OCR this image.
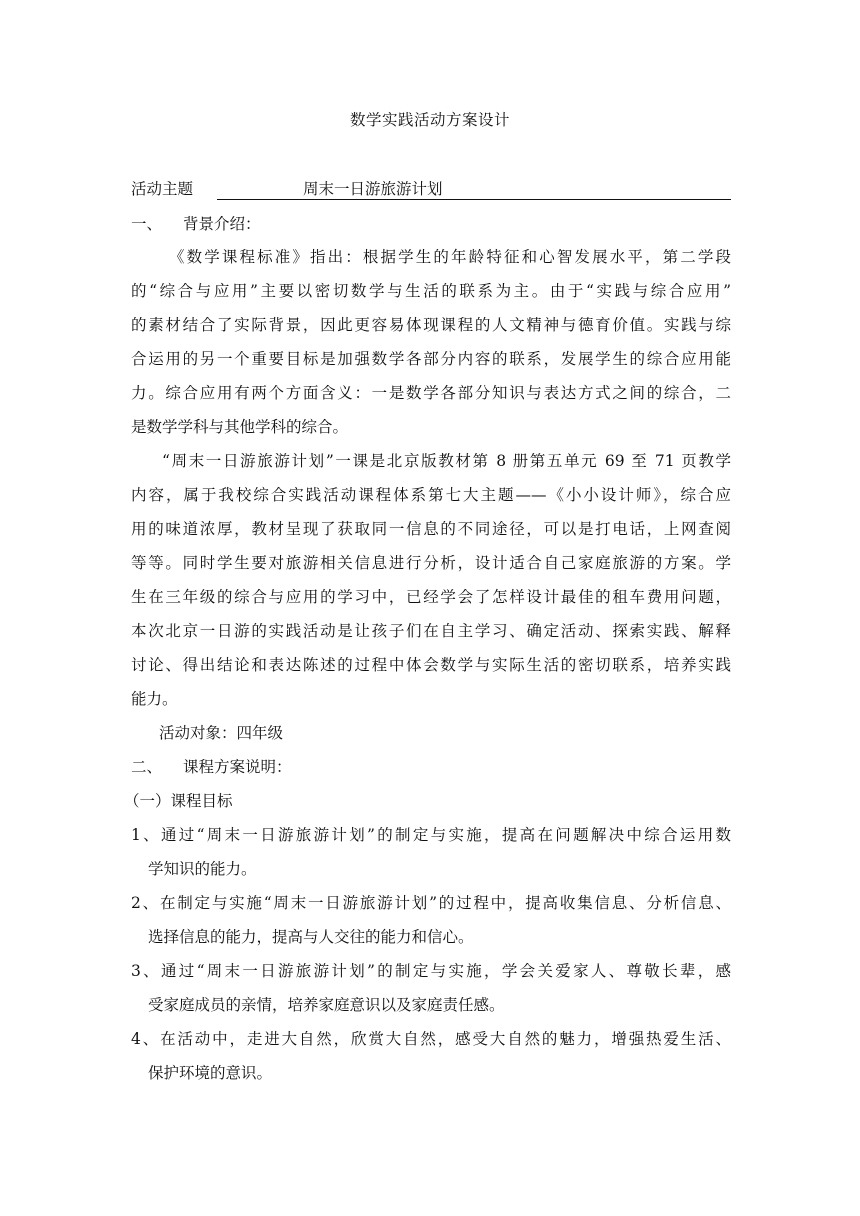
数学实践活动方案设计
活动主题	周末一日游旅游计划
一、 背景介绍：
《数学课程标准》指出：根据学生的年龄特征和心智发展水平，第二学段
的“综合与应用”主要以密切数学与生活的联系为主。由于“实践与综合应用”
的素材结合了实际背景，因此更容易体现课程的人文精神与德育价值。实践与综
合运用的另一个重要目标是加强数学各部分内容的联系，发展学生的综合应用能
力。综合应用有两个方面含义：一是数学各部分知识与表达方式之间的综合，二
是数学学科与其他学科的综合。
“周末一日游旅游计划”一课是北京版教材第 8 册第五单元 69 至 71 页教学
内容，属于我校综合实践活动课程体系第七大主题——《小小设计师》，综合应
用的味道浓厚，教材呈现了获取同一信息的不同途径，可以是打电话，上网查阅
等等。同时学生要对旅游相关信息进行分析，设计适合自己家庭旅游的方案。学
生在三年级的综合与应用的学习中，已经学会了怎样设计最佳的租车费用问题，
本次北京一日游的实践活动是让孩子们在自主学习、确定活动、探索实践、解释
讨论、得出结论和表达陈述的过程中体会数学与实际生活的密切联系，培养实践
能力。
活动对象：四年级
二、 课程方案说明：
（一）课程目标
1、通过“周末一日游旅游计划”的制定与实施，提高在问题解决中综合运用数
学知识的能力。
2、在制定与实施“周末一日游旅游计划”的过程中，提高收集信息、分析信息、
选择信息的能力，提高与人交往的能力和信心。
3、通过“周末一日游旅游计划”的制定与实施，学会关爱家人、尊敬长辈，感
受家庭成员的亲情，培养家庭意识以及家庭责任感。
4、在活动中，走进大自然，欣赏大自然，感受大自然的魅力，增强热爱生活、
保护环境的意识。
